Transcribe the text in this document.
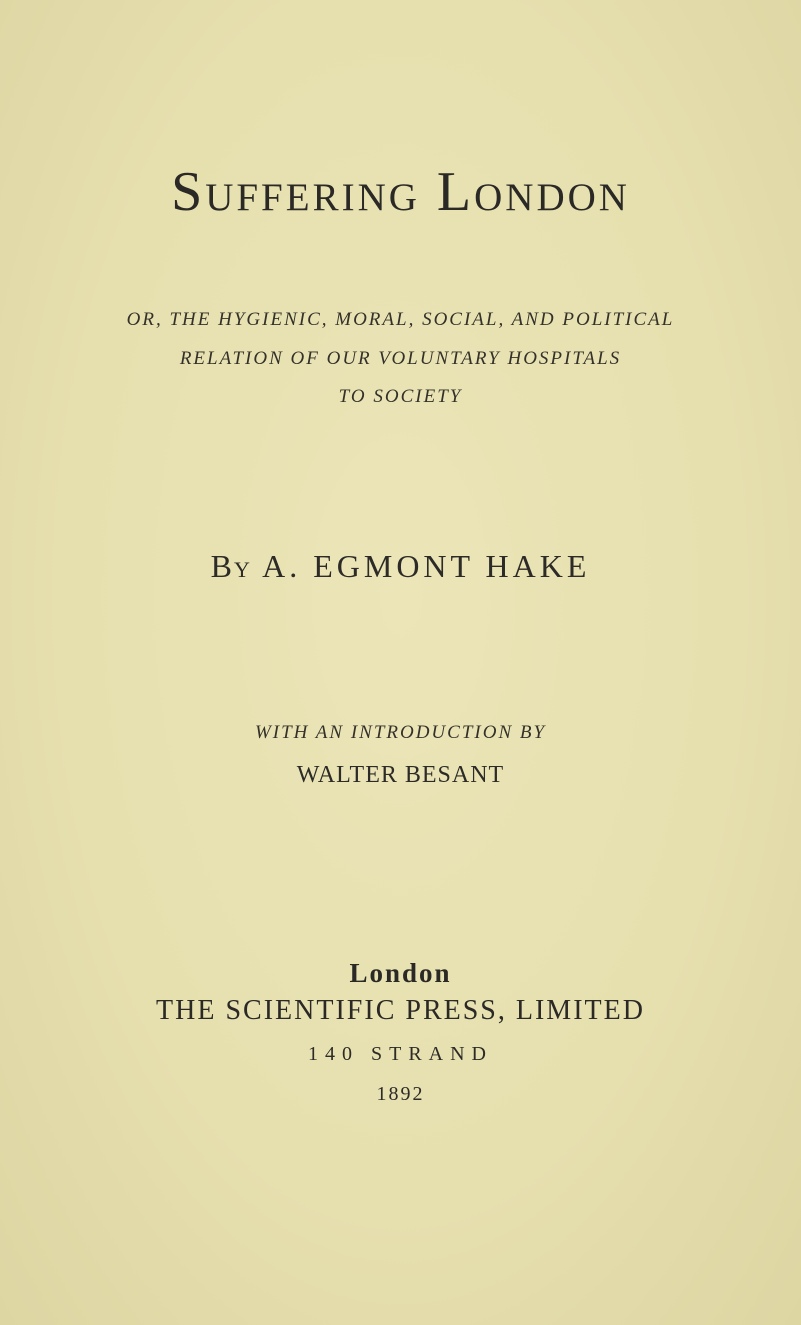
Suffering London
OR, THE HYGIENIC, MORAL, SOCIAL, AND POLITICAL
RELATION OF OUR VOLUNTARY HOSPITALS
TO SOCIETY
By A. EGMONT HAKE
WITH AN INTRODUCTION BY
WALTER BESANT
London
THE SCIENTIFIC PRESS, LIMITED
140 STRAND
1892
